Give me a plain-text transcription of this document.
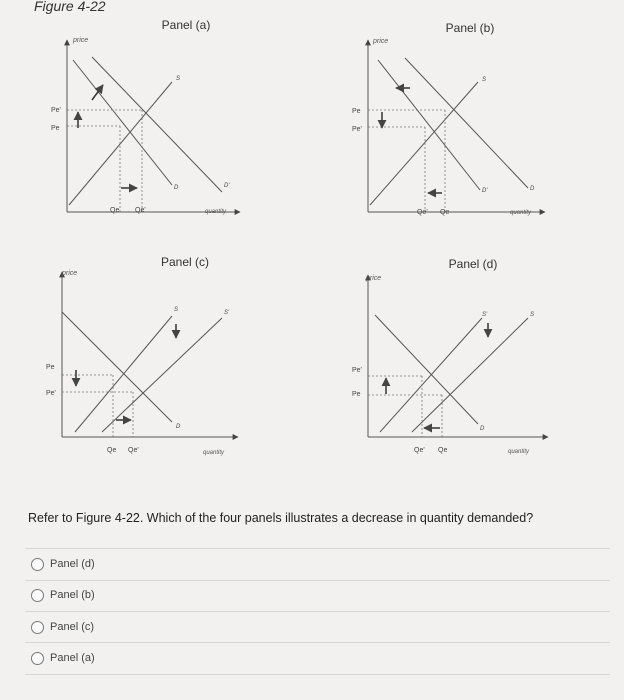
Figure 4-22
Panel (a)
price
quantity
Pe'
Pe
Qe Qe'
S
D	D'
Panel (b)
price
quantity
Pe
Pe'
Qe' Qe
S
D
D'
Panel (c)
price
quantity
Pe
Pe'
Qe Qe'
S	S'
D
Panel (d)
price
quantity
Pe'
Pe
Qe' Qe
S
S'
D
Refer to Figure 4-22. Which of the four panels illustrates a decrease in quantity demanded?
Panel (d)
Panel (b)
Panel (c)
Panel (a)
